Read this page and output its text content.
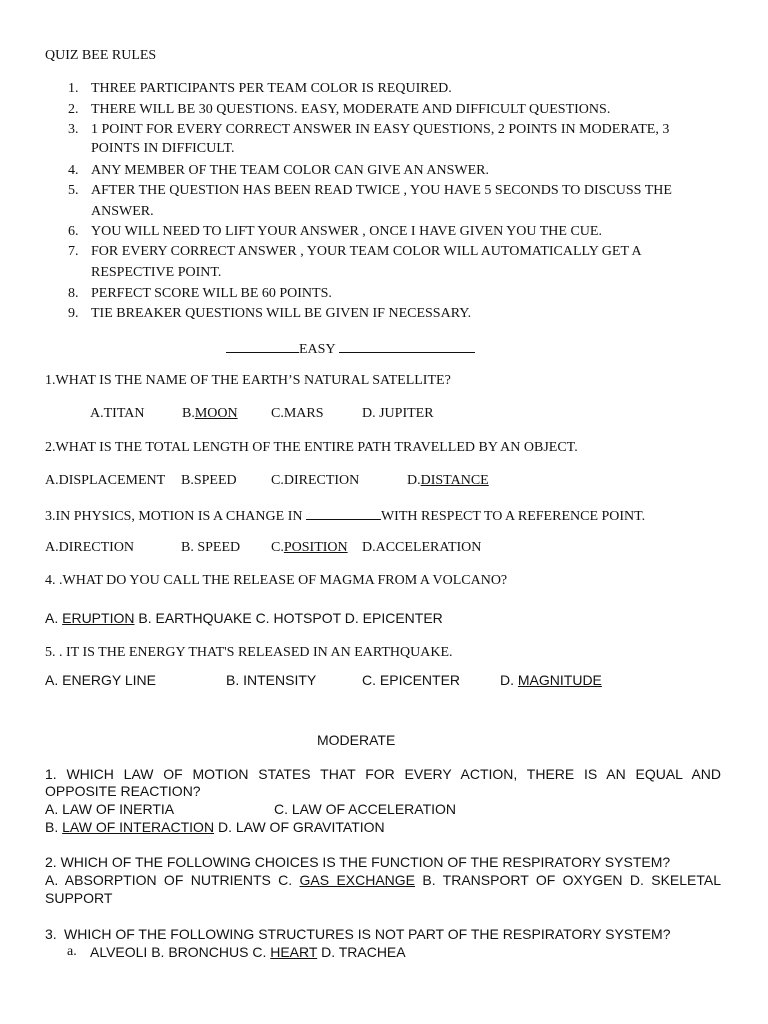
QUIZ BEE RULES
1. THREE PARTICIPANTS PER TEAM COLOR IS REQUIRED.
2. THERE WILL BE 30 QUESTIONS. EASY, MODERATE AND DIFFICULT QUESTIONS.
3. 1 POINT FOR EVERY CORRECT ANSWER IN EASY QUESTIONS, 2 POINTS IN MODERATE, 3
POINTS IN DIFFICULT.
4. ANY MEMBER OF THE TEAM COLOR CAN GIVE AN ANSWER.
5. AFTER THE QUESTION HAS BEEN READ TWICE , YOU HAVE 5 SECONDS TO DISCUSS THE
ANSWER.
6. YOU WILL NEED TO LIFT YOUR ANSWER , ONCE I HAVE GIVEN YOU THE CUE.
7. FOR EVERY CORRECT ANSWER , YOUR TEAM COLOR WILL AUTOMATICALLY GET A
RESPECTIVE POINT.
8. PERFECT SCORE WILL BE 60 POINTS.
9. TIE BREAKER QUESTIONS WILL BE GIVEN IF NECESSARY.
EASY
1.WHAT IS THE NAME OF THE EARTH’S NATURAL SATELLITE?
A.TITAN	B.MOON C.MARS	D. JUPITER
2.WHAT IS THE TOTAL LENGTH OF THE ENTIRE PATH TRAVELLED BY AN OBJECT.
A.DISPLACEMENT B.SPEED C.DIRECTION	D.DISTANCE
3.IN PHYSICS, MOTION IS A CHANGE IN	WITH RESPECT TO A REFERENCE POINT.
A.DIRECTION	B. SPEED C.POSITION D.ACCELERATION
4. .WHAT DO YOU CALL THE RELEASE OF MAGMA FROM A VOLCANO?
A. ERUPTION B. EARTHQUAKE C. HOTSPOT D. EPICENTER
5. . IT IS THE ENERGY THAT'S RELEASED IN AN EARTHQUAKE.
A. ENERGY LINE	B. INTENSITY	C. EPICENTER	D. MAGNITUDE
MODERATE
1. WHICH LAW OF MOTION STATES THAT FOR EVERY ACTION, THERE IS AN EQUAL AND
OPPOSITE REACTION?
A. LAW OF INERTIA	C. LAW OF ACCELERATION
B. LAW OF INTERACTION D. LAW OF GRAVITATION
2. WHICH OF THE FOLLOWING CHOICES IS THE FUNCTION OF THE RESPIRATORY SYSTEM?
A. ABSORPTION OF NUTRIENTS C. GAS EXCHANGE B. TRANSPORT OF OXYGEN D. SKELETAL
SUPPORT
3. WHICH OF THE FOLLOWING STRUCTURES IS NOT PART OF THE RESPIRATORY SYSTEM?
a. ALVEOLI B. BRONCHUS C. HEART D. TRACHEA
